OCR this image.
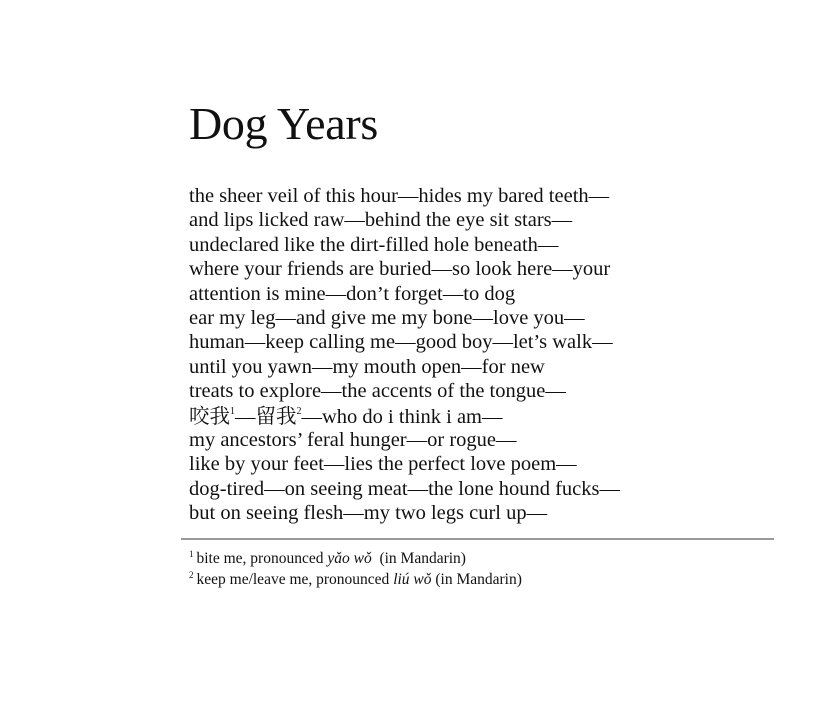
Dog Years
the sheer veil of this hour—hides my bared teeth—
and lips licked raw—behind the eye sit stars—
undeclared like the dirt-filled hole beneath—
where your friends are buried—so look here—your
attention is mine—don’t forget—to dog
ear my leg—and give me my bone—love you—
human—keep calling me—good boy—let’s walk—
until you yawn—my mouth open—for new
treats to explore—the accents of the tongue—
咬我$^1$—留我$^2$—who do i think i am—
my ancestors’ feral hunger—or rogue—
like by your feet—lies the perfect love poem—
dog-tired—on seeing meat—the lone hound fucks—
but on seeing flesh—my two legs curl up—
$^1$ bite me, pronounced yǎo wǒ  (in Mandarin)
$^2$ keep me/leave me, pronounced liú wǒ (in Mandarin)
